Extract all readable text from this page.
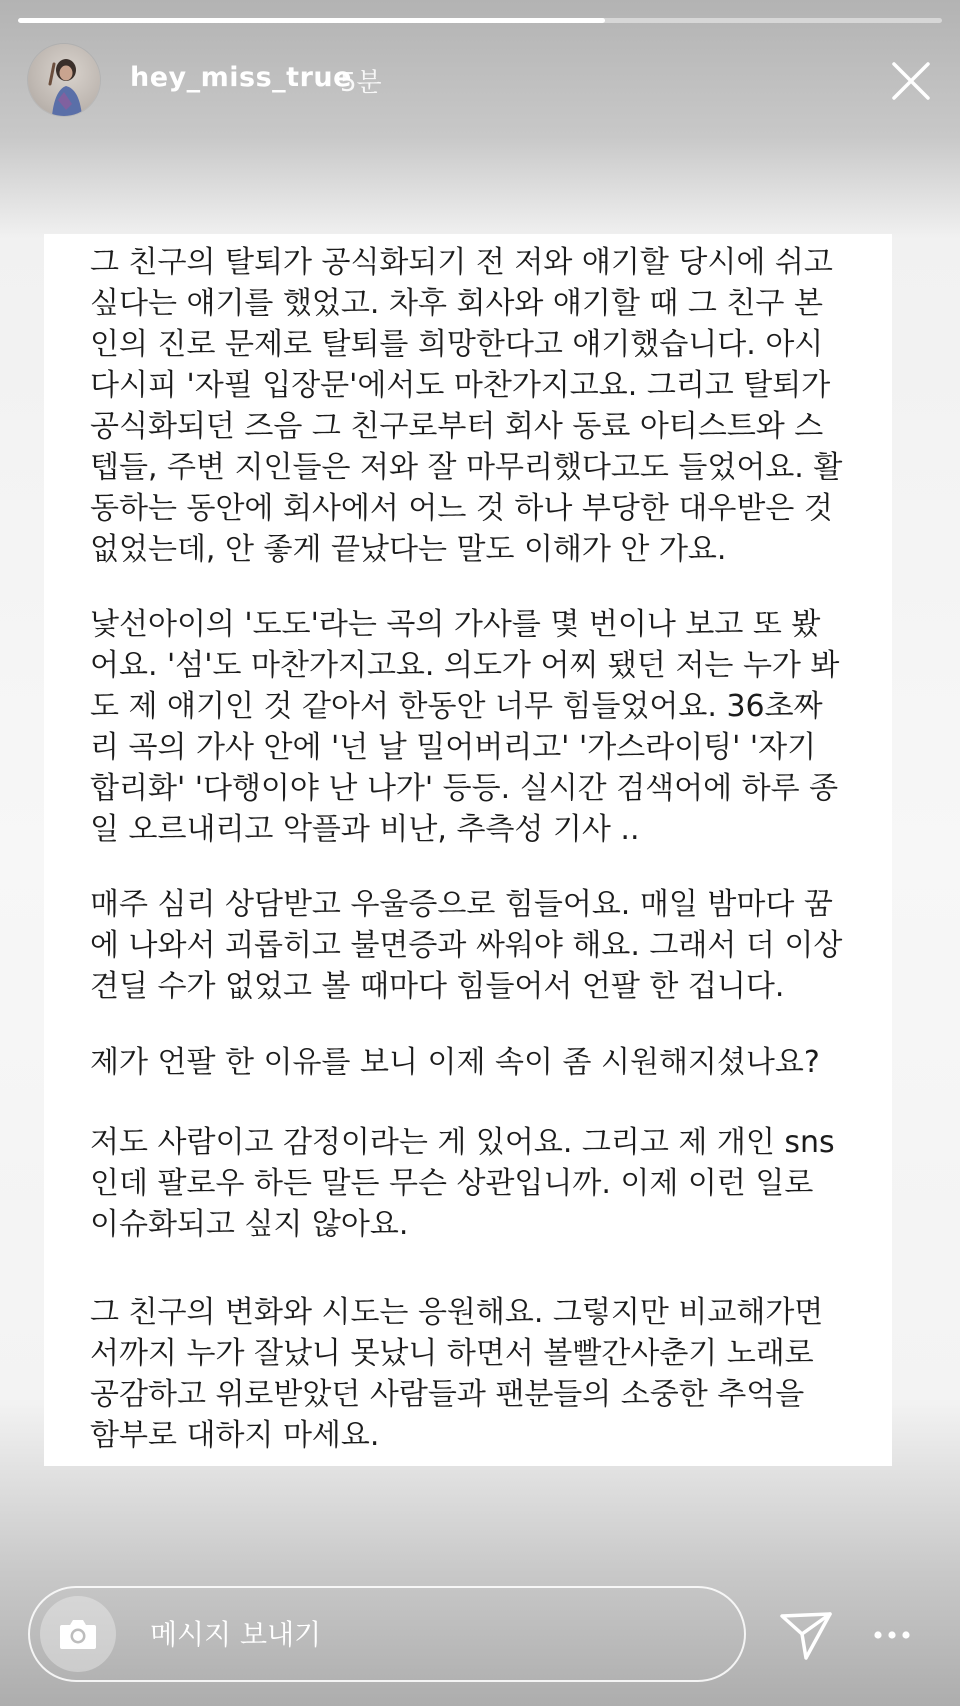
hey_miss_true
5분

그 친구의 탈퇴가 공식화되기 전 저와 얘기할 당시에 쉬고
싶다는 얘기를 했었고. 차후 회사와 얘기할 때 그 친구 본
인의 진로 문제로 탈퇴를 희망한다고 얘기했습니다. 아시
다시피 '자필 입장문'에서도 마찬가지고요. 그리고 탈퇴가
공식화되던 즈음 그 친구로부터 회사 동료 아티스트와 스
텝들, 주변 지인들은 저와 잘 마무리했다고도 들었어요. 활
동하는 동안에 회사에서 어느 것 하나 부당한 대우받은 것
없었는데, 안 좋게 끝났다는 말도 이해가 안 가요.

낯선아이의 '도도'라는 곡의 가사를 몇 번이나 보고 또 봤
어요. '섬'도 마찬가지고요. 의도가 어찌 됐던 저는 누가 봐
도 제 얘기인 것 같아서 한동안 너무 힘들었어요. 36초짜
리 곡의 가사 안에 '넌 날 밀어버리고' '가스라이팅' '자기
합리화' '다행이야 난 나가' 등등. 실시간 검색어에 하루 종
일 오르내리고 악플과 비난, 추측성 기사 ..

매주 심리 상담받고 우울증으로 힘들어요. 매일 밤마다 꿈
에 나와서 괴롭히고 불면증과 싸워야 해요. 그래서 더 이상
견딜 수가 없었고 볼 때마다 힘들어서 언팔 한 겁니다.

제가 언팔 한 이유를 보니 이제 속이 좀 시원해지셨나요?

저도 사람이고 감정이라는 게 있어요. 그리고 제 개인 sns
인데 팔로우 하든 말든 무슨 상관입니까. 이제 이런 일로
이슈화되고 싶지 않아요.

그 친구의 변화와 시도는 응원해요. 그렇지만 비교해가면
서까지 누가 잘났니 못났니 하면서 볼빨간사춘기 노래로
공감하고 위로받았던 사람들과 팬분들의 소중한 추억을
함부로 대하지 마세요.

메시지 보내기
